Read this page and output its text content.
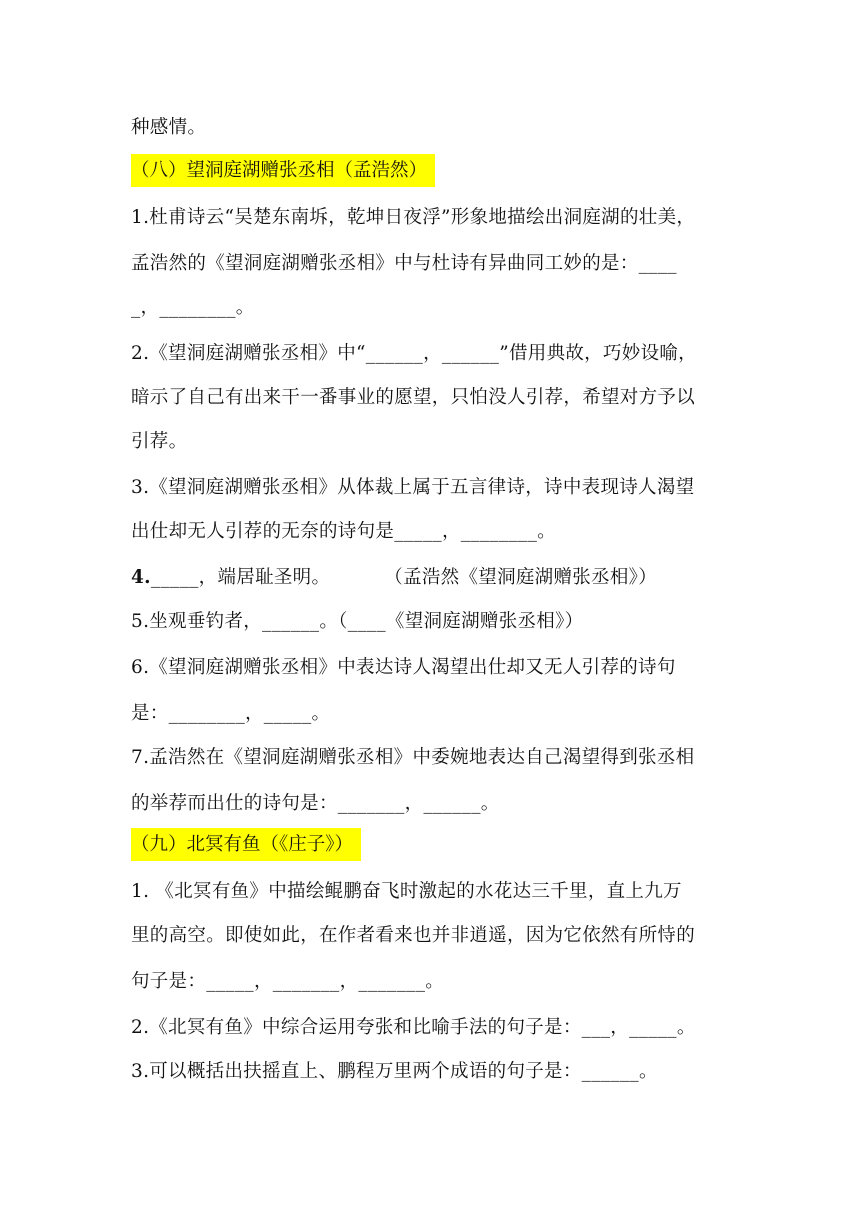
种感情。
（八）望洞庭湖赠张丞相（孟浩然）
1.杜甫诗云“吴楚东南坼，乾坤日夜浮”形象地描绘出洞庭湖的壮美，
孟浩然的《望洞庭湖赠张丞相》中与杜诗有异曲同工妙的是：____
_，________。
2.《望洞庭湖赠张丞相》中“______，______”借用典故，巧妙设喻，
暗示了自己有出来干一番事业的愿望，只怕没人引荐，希望对方予以
引荐。
3.《望洞庭湖赠张丞相》从体裁上属于五言律诗，诗中表现诗人渴望
出仕却无人引荐的无奈的诗句是_____，________。
4._____，端居耻圣明。	（孟浩然《望洞庭湖赠张丞相》）
5.坐观垂钓者，______。（____《望洞庭湖赠张丞相》）
6.《望洞庭湖赠张丞相》中表达诗人渴望出仕却又无人引荐的诗句
是：________，_____。
7.孟浩然在《望洞庭湖赠张丞相》中委婉地表达自己渴望得到张丞相
的举荐而出仕的诗句是：_______，______。
（九）北冥有鱼（《庄子》）
1. 《北冥有鱼》中描绘鲲鹏奋飞时激起的水花达三千里，直上九万
里的高空。即使如此，在作者看来也并非逍遥，因为它依然有所恃的
句子是：_____，_______，_______。
2.《北冥有鱼》中综合运用夸张和比喻手法的句子是：___，_____。
3.可以概括出扶摇直上、鹏程万里两个成语的句子是：______。
